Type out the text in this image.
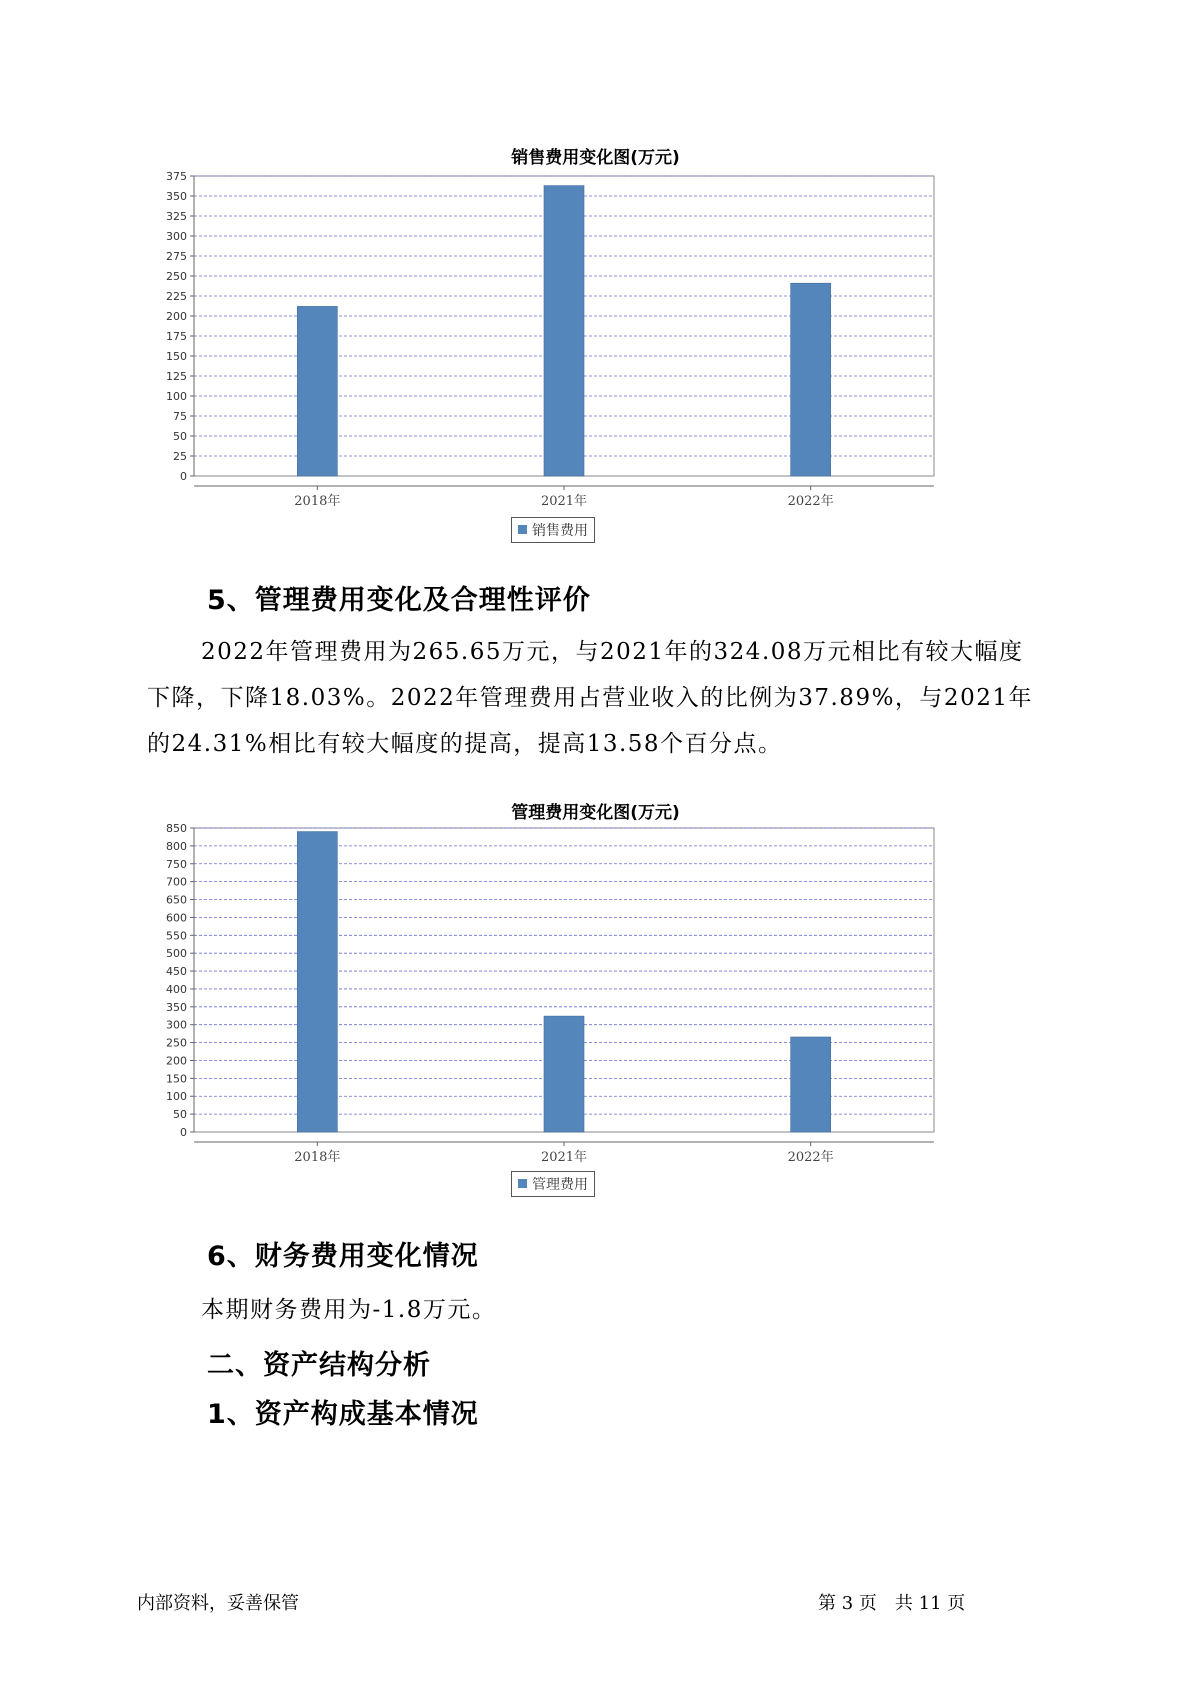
销售费用变化图(万元)
0
25
50
75
100
125
150
175
200
225
250
275
300
325
350
375
2018年	2021年	2022年
销售费用
5、管理费用变化及合理性评价
2022年管理费用为265.65万元，与2021年的324.08万元相比有较大幅度下降，下降18.03%。2022年管理费用占营业收入的比例为37.89%，与2021年的24.31%相比有较大幅度的提高，提高13.58个百分点。
管理费用变化图(万元)
0
50
100
150
200
250
300
350
400
450
500
550
600
650
700
750
800
850
2018年	2021年	2022年
管理费用
6、财务费用变化情况
本期财务费用为-1.8万元。
二、资产结构分析
1、资产构成基本情况
内部资料，妥善保管	第 3 页　共 11 页
